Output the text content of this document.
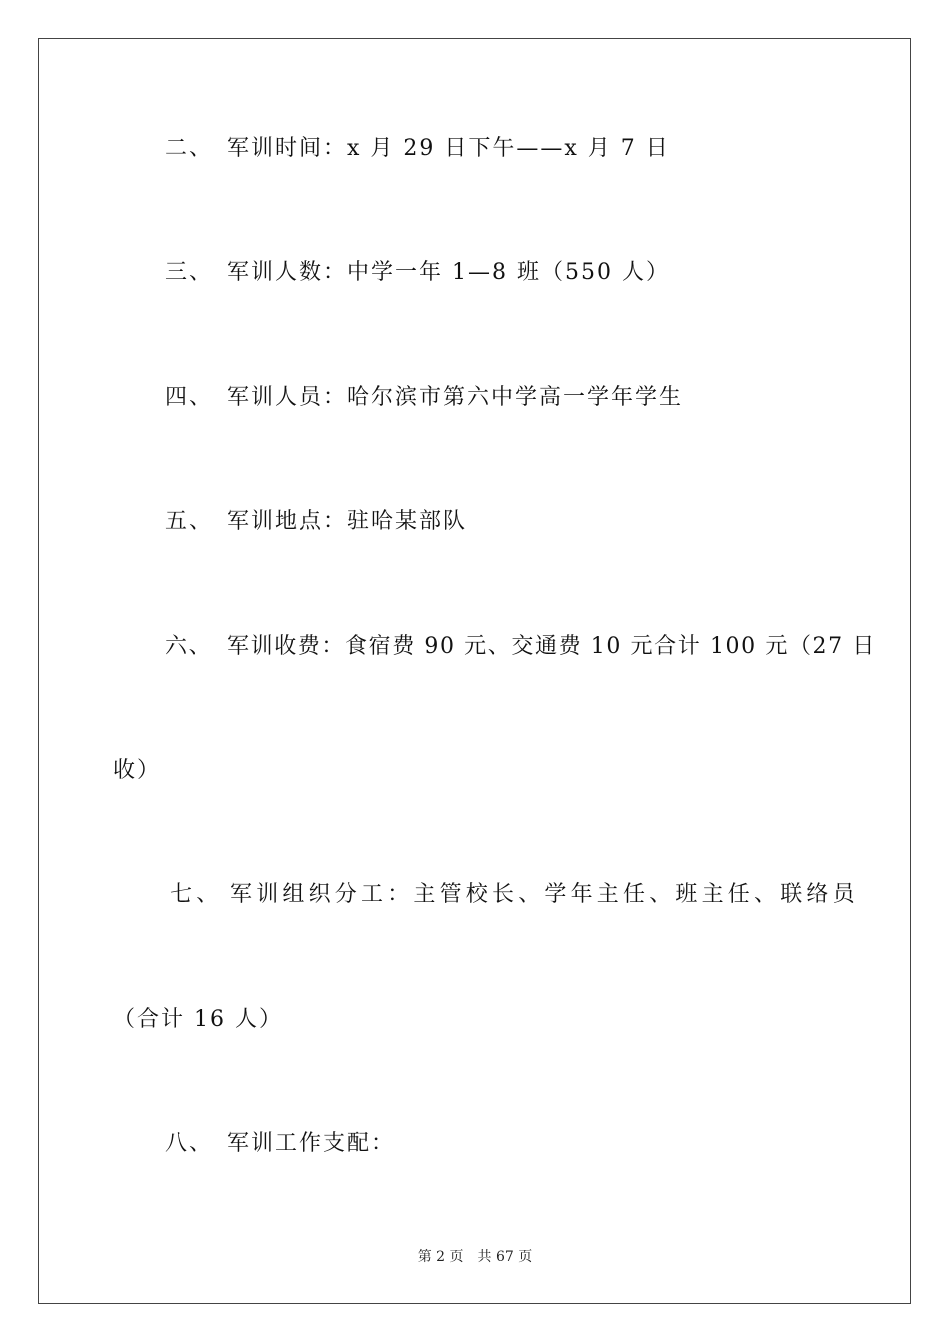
二、 军训时间：x 月 29 日下午——x 月 7 日
三、 军训人数：中学一年 1—8 班（550 人）
四、 军训人员：哈尔滨市第六中学高一学年学生
五、 军训地点：驻哈某部队
六、 军训收费：食宿费 90 元、交通费 10 元合计 100 元（27 日
收）
七、 军训组织分工：主管校长、学年主任、班主任、联络员
（合计 16 人）
八、 军训工作支配：
第 2 页 共 67 页
